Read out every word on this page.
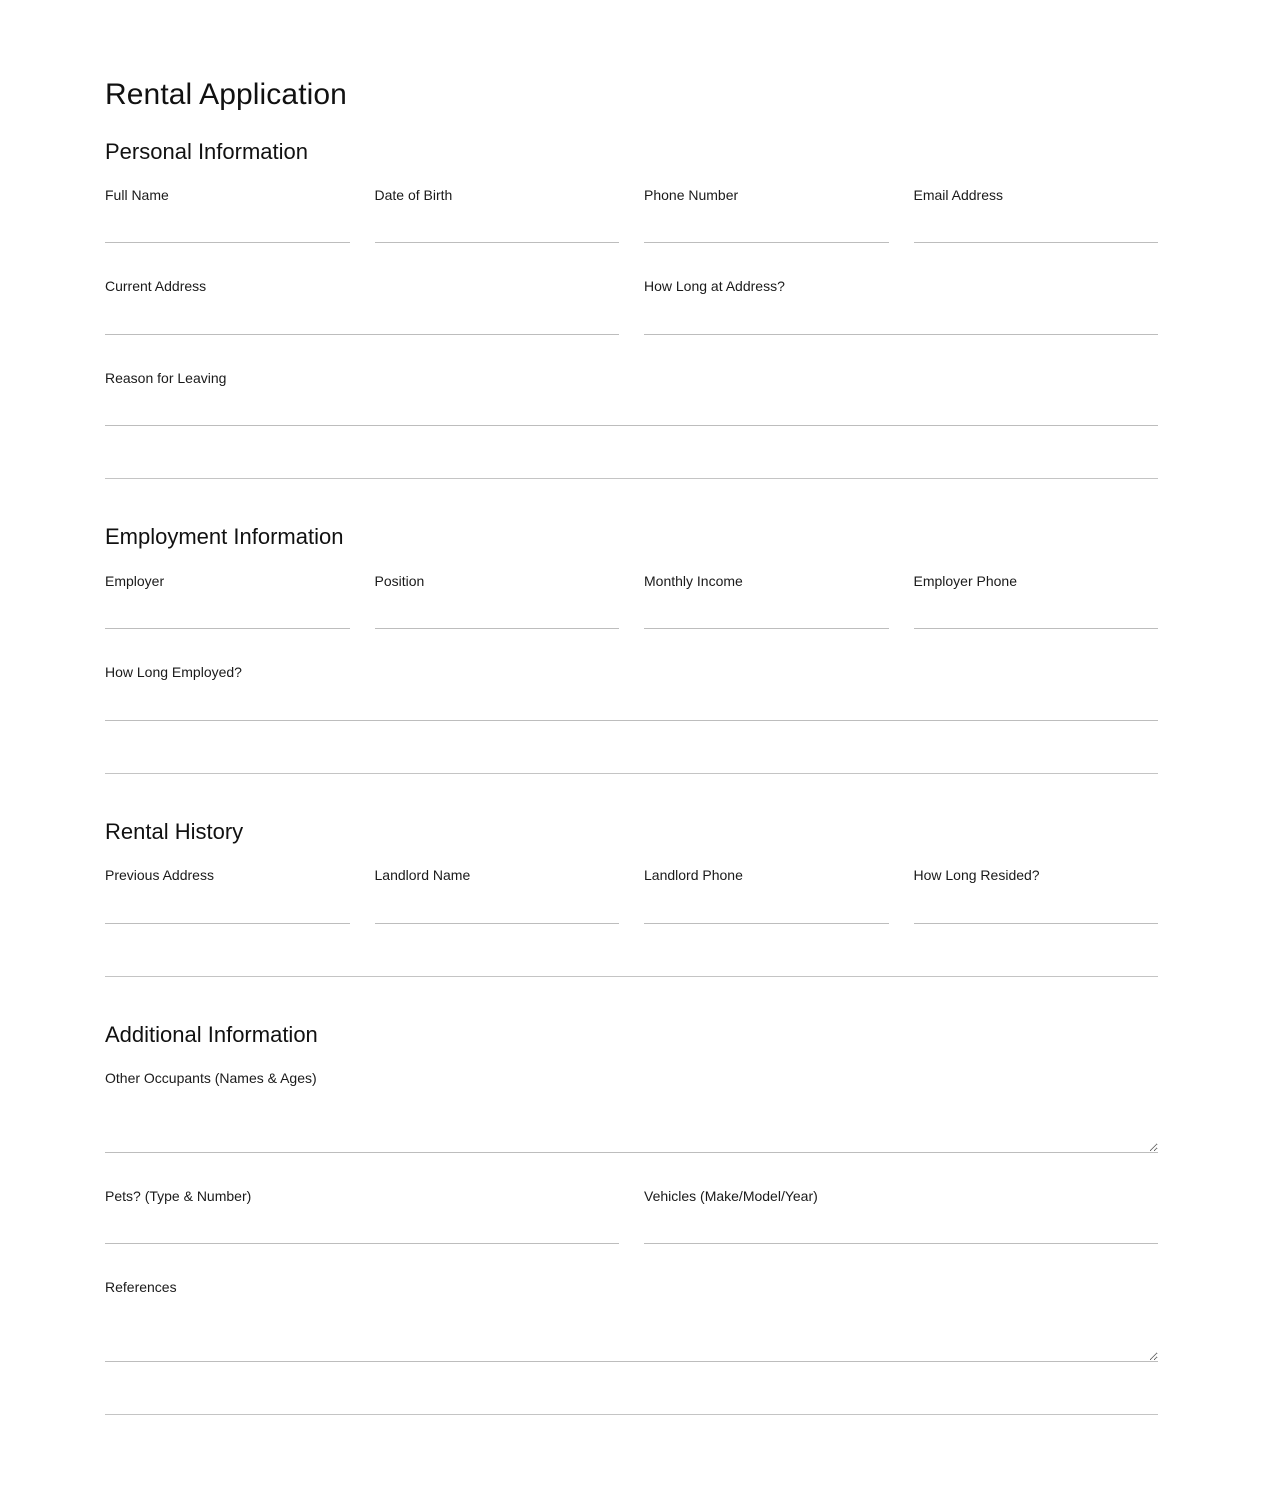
Rental Application
Personal Information
Full Name	Date of Birth	Phone Number	Email Address
Current Address	How Long at Address?
Reason for Leaving
Employment Information
Employer	Position	Monthly Income	Employer Phone
How Long Employed?
Rental History
Previous Address	Landlord Name	Landlord Phone	How Long Resided?
Additional Information
Other Occupants (Names & Ages)
Pets? (Type & Number)	Vehicles (Make/Model/Year)
References
